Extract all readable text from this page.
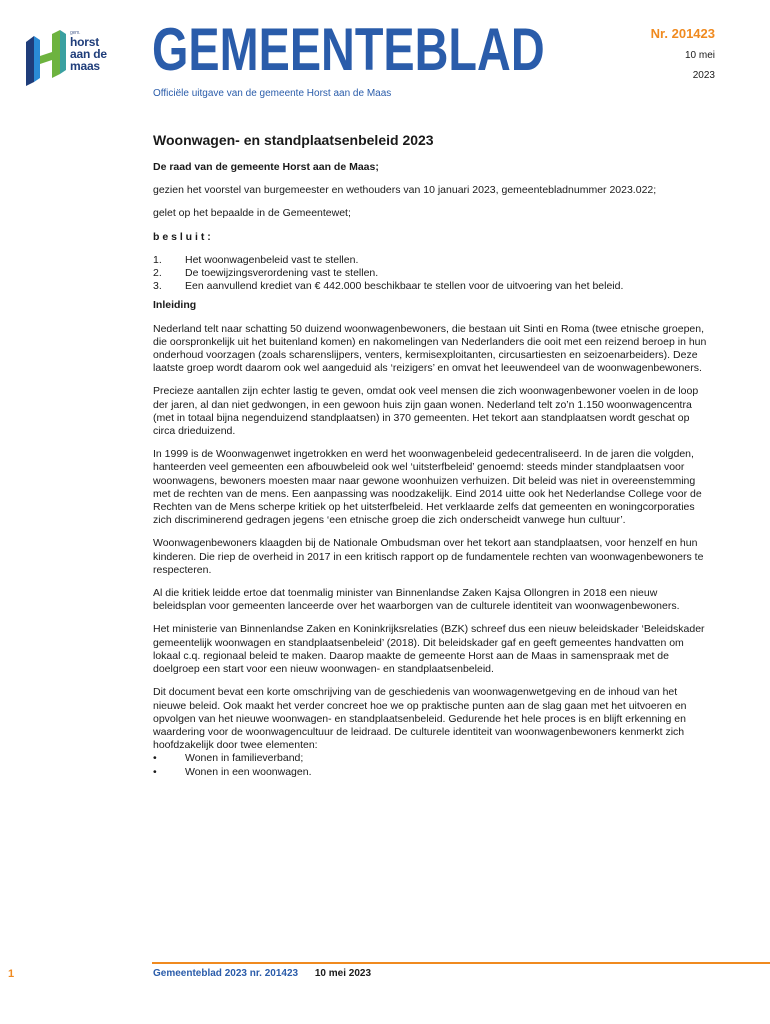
gem.
horst
aan de
maas GEMEENTEBLAD	Nr. 201423
10 mei
2023
Officiële uitgave van de gemeente Horst aan de Maas
Woonwagen- en standplaatsenbeleid 2023

De raad van de gemeente Horst aan de Maas;

gezien het voorstel van burgemeester en wethouders van 10 januari 2023, gemeentebladnummer 2023.022;

gelet op het bepaalde in de Gemeentewet;

b e s l u i t :

1.	Het woonwagenbeleid vast te stellen.
2.	De toewijzingsverordening vast te stellen.
3.	Een aanvullend krediet van € 442.000 beschikbaar te stellen voor de uitvoering van het beleid.

Inleiding

Nederland telt naar schatting 50 duizend woonwagenbewoners, die bestaan uit Sinti en Roma (twee etnische groepen, die oorspronkelijk uit het buitenland komen) en nakomelingen van Nederlanders die ooit met een reizend beroep in hun onderhoud voorzagen (zoals scharenslijpers, venters, kermisexploitanten, circusartiesten en seizoenarbeiders). Deze laatste groep wordt daarom ook wel aangeduid als ‘reizigers’ en omvat het leeuwendeel van de woonwagenbewoners.

Precieze aantallen zijn echter lastig te geven, omdat ook veel mensen die zich woonwagenbewoner voelen in de loop der jaren, al dan niet gedwongen, in een gewoon huis zijn gaan wonen. Nederland telt zo’n 1.150 woonwagencentra (met in totaal bijna negenduizend standplaatsen) in 370 gemeenten. Het tekort aan standplaatsen wordt geschat op circa drieduizend.

In 1999 is de Woonwagenwet ingetrokken en werd het woonwagenbeleid gedecentraliseerd. In de jaren die volgden, hanteerden veel gemeenten een afbouwbeleid ook wel ‘uitsterfbeleid’ genoemd: steeds minder standplaatsen voor woonwagens, bewoners moesten maar naar gewone woonhuizen verhuizen. Dit beleid was niet in overeenstemming met de rechten van de mens. Een aanpassing was noodzakelijk. Eind 2014 uitte ook het Nederlandse College voor de Rechten van de Mens scherpe kritiek op het uitsterfbeleid. Het verklaarde zelfs dat gemeenten en woningcorporaties zich discriminerend gedragen jegens ‘een etnische groep die zich onderscheidt vanwege hun cultuur’.

Woonwagenbewoners klaagden bij de Nationale Ombudsman over het tekort aan standplaatsen, voor henzelf en hun kinderen. Die riep de overheid in 2017 in een kritisch rapport op de fundamentele rechten van woonwagenbewoners te respecteren.

Al die kritiek leidde ertoe dat toenmalig minister van Binnenlandse Zaken Kajsa Ollongren in 2018 een nieuw beleidsplan voor gemeenten lanceerde over het waarborgen van de culturele identiteit van woonwagenbewoners.

Het ministerie van Binnenlandse Zaken en Koninkrijksrelaties (BZK) schreef dus een nieuw beleidskader ‘Beleidskader gemeentelijk woonwagen en standplaatsenbeleid’ (2018). Dit beleidskader gaf en geeft gemeentes handvatten om lokaal c.q. regionaal beleid te maken. Daarop maakte de gemeente Horst aan de Maas in samenspraak met de doelgroep een start voor een nieuw woonwagen- en standplaatsenbeleid.

Dit document bevat een korte omschrijving van de geschiedenis van woonwagenwetgeving en de inhoud van het nieuwe beleid. Ook maakt het verder concreet hoe we op praktische punten aan de slag gaan met het uitvoeren en opvolgen van het nieuwe woonwagen- en standplaatsenbeleid. Gedurende het hele proces is en blijft erkenning en waardering voor de woonwagencultuur de leidraad. De culturele identiteit van woonwagenbewoners kenmerkt zich hoofdzakelijk door twee elementen:

•	Wonen in familieverband;
•	Wonen in een woonwagen.
1	Gemeenteblad 2023 nr. 201423 10 mei 2023
